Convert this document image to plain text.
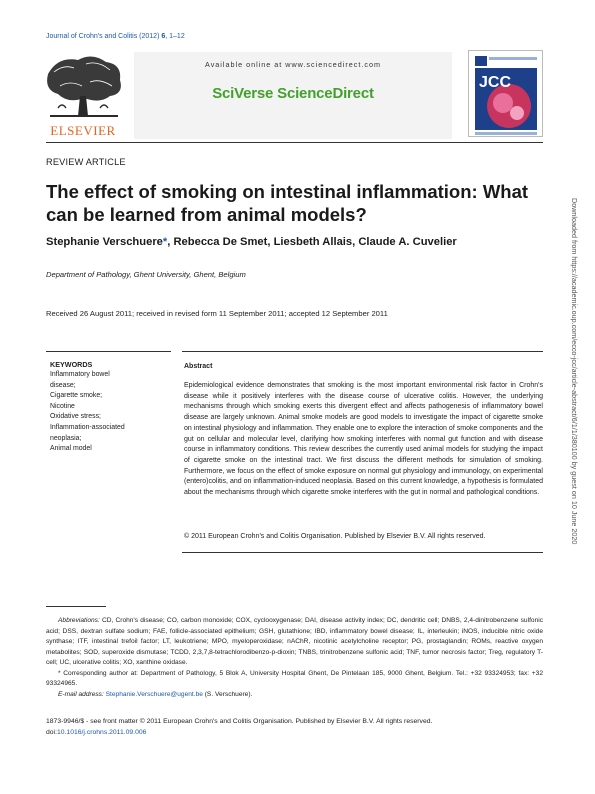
Journal of Crohn's and Colitis (2012) 6, 1–12
ELSEVIER
Available online at www.sciencedirect.com
SciVerse ScienceDirect
JCC
REVIEW ARTICLE
The effect of smoking on intestinal inflammation: What can be learned from animal models?
Stephanie Verschuere*, Rebecca De Smet, Liesbeth Allais, Claude A. Cuvelier
Department of Pathology, Ghent University, Ghent, Belgium
Received 26 August 2011; received in revised form 11 September 2011; accepted 12 September 2011
KEYWORDS
Inflammatory bowel
disease;
Cigarette smoke;
Nicotine
Oxidative stress;
Inflammation-associated
neoplasia;
Animal model
Abstract
Epidemiological evidence demonstrates that smoking is the most important environmental risk factor in Crohn's disease while it positively interferes with the disease course of ulcerative colitis. However, the underlying mechanisms through which smoking exerts this divergent effect and affects pathogenesis of inflammatory bowel disease are largely unknown. Animal smoke models are good models to investigate the impact of cigarette smoke on intestinal physiology and inflammation. They enable one to explore the interaction of smoke components and the gut on cellular and molecular level, clarifying how smoking interferes with normal gut function and with disease course in inflammatory conditions. This review describes the currently used animal models for studying the impact of cigarette smoke on the intestinal tract. We first discuss the different methods for simulation of smoking. Furthermore, we focus on the effect of smoke exposure on normal gut physiology and immunology, on experimental (entero)colitis, and on inflammation-induced neoplasia. Based on this current knowledge, a hypothesis is formulated about the mechanisms through which cigarette smoke interferes with the gut in normal and pathological conditions.
© 2011 European Crohn's and Colitis Organisation. Published by Elsevier B.V. All rights reserved.

Abbreviations: CD, Crohn's disease; CO, carbon monoxide; COX, cyclooxygenase; DAI, disease activity index; DC, dendritic cell; DNBS, 2,4-dinitrobenzene sulfonic acid; DSS, dextran sulfate sodium; FAE, follicle-associated epithelium; GSH, glutathione; IBD, inflammatory bowel disease; IL, interleukin; iNOS, inducible nitric oxide synthase; ITF, intestinal trefoil factor; LT, leukotriene; MPO, myeloperoxidase; nAChR, nicotinic acetylcholine receptor; PG, prostaglandin; ROMs, reactive oxygen metabolites; SOD, superoxide dismutase; TCDD, 2,3,7,8-tetrachlorodibenzo-p-dioxin; TNBS, trinitrobenzene sulfonic acid; TNF, tumor necrosis factor; Treg, regulatory T-cell; UC, ulcerative colitis; XO, xanthine oxidase.

* Corresponding author at: Department of Pathology, 5 Blok A, University Hospital Ghent, De Pintelaan 185, 9000 Ghent, Belgium. Tel.: +32 93324953; fax: +32 93324965.

E-mail address: Stephanie.Verschuere@ugent.be (S. Verschuere).

1873-9946/$ - see front matter © 2011 European Crohn's and Colitis Organisation. Published by Elsevier B.V. All rights reserved.
doi:10.1016/j.crohns.2011.09.006
Downloaded from https://academic.oup.com/ecco-jcc/article-abstract/6/1/1/380100 by guest on 10 June 2020
